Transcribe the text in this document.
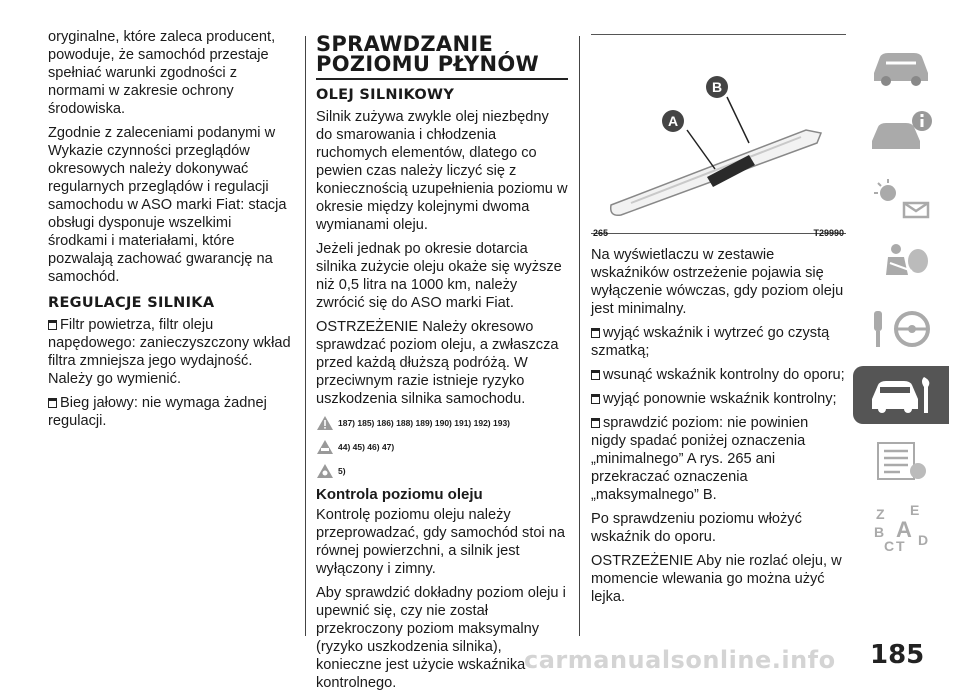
oryginalne, które zaleca producent, powoduje, że samochód przestaje spełniać warunki zgodności z normami w zakresie ochrony środowiska.

Zgodnie z zaleceniami podanymi w Wykazie czynności przeglądów okresowych należy dokonywać regularnych przeglądów i regulacji samochodu w ASO marki Fiat: stacja obsługi dysponuje wszelkimi środkami i materiałami, które pozwalają zachować gwarancję na samochód.

REGULACJE SILNIKA

Filtr powietrza, filtr oleju napędowego: zanieczyszczony wkład filtra zmniejsza jego wydajność. Należy go wymienić.

Bieg jałowy: nie wymaga żadnej regulacji.

SPRAWDZANIE
POZIOMU PŁYNÓW
OLEJ SILNIKOWY

Silnik zużywa zwykle olej niezbędny do smarowania i chłodzenia ruchomych elementów, dlatego co pewien czas należy liczyć się z koniecznością uzupełnienia poziomu w okresie między kolejnymi dwoma wymianami oleju.

Jeżeli jednak po okresie dotarcia silnika zużycie oleju okaże się wyższe niż 0,5 litra na 1000 km, należy zwrócić się do ASO marki Fiat.

OSTRZEŻENIE Należy okresowo sprawdzać poziom oleju, a zwłaszcza przed każdą dłuższą podróżą. W przeciwnym razie istnieje ryzyko uszkodzenia silnika samochodu.

187) 185) 186) 188) 189) 190) 191) 192) 193)
44) 45) 46) 47)
5)
Kontrola poziomu oleju

Kontrolę poziomu oleju należy przeprowadzać, gdy samochód stoi na równej powierzchni, a silnik jest wyłączony i zimny.

Aby sprawdzić dokładny poziom oleju i upewnić się, czy nie został przekroczony poziom maksymalny (ryzyko uszkodzenia silnika), konieczne jest użycie wskaźnika kontrolnego.

A
B
265	T29990

Na wyświetlaczu w zestawie wskaźników ostrzeżenie pojawia się wyłączenie wówczas, gdy poziom oleju jest minimalny.

wyjąć wskaźnik i wytrzeć go czystą szmatką;

wsunąć wskaźnik kontrolny do oporu;

wyjąć ponownie wskaźnik kontrolny;

sprawdzić poziom: nie powinien nigdy spadać poniżej oznaczenia „minimalnego” A rys. 265 ani przekraczać oznaczenia „maksymalnego” B.

Po sprawdzeniu poziomu włożyć wskaźnik do oporu.

OSTRZEŻENIE Aby nie rozlać oleju, w momencie wlewania go można użyć lejka.

Z E
B A
C T D
carmanualsonline.info 185
